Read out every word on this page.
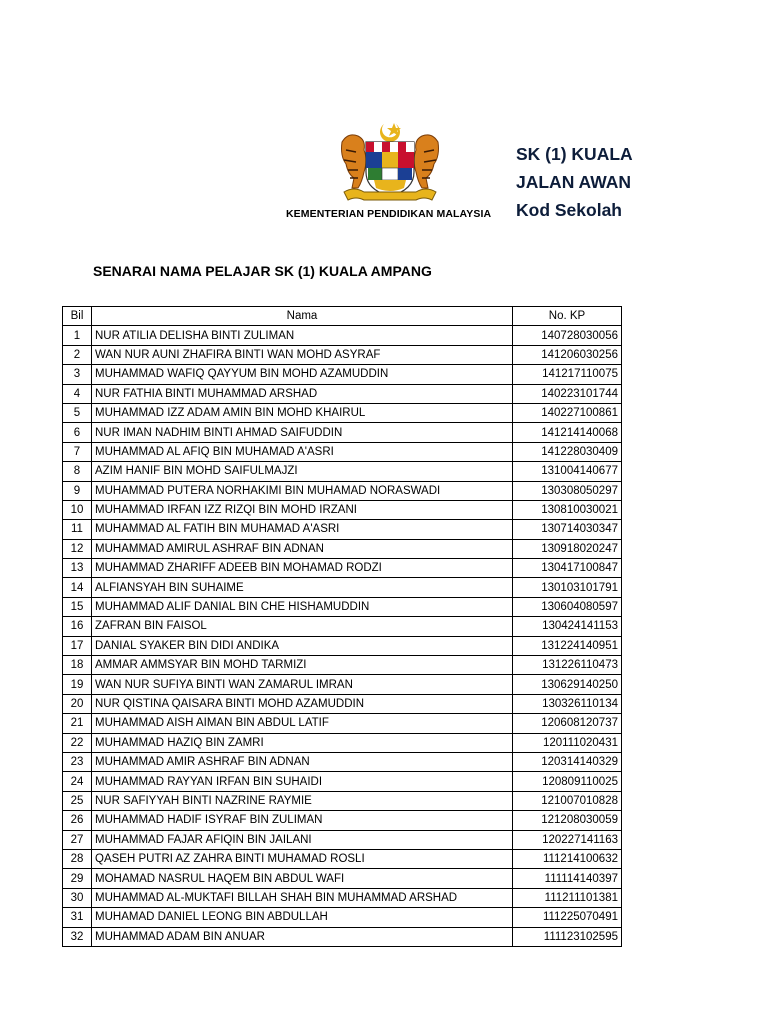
KEMENTERIAN PENDIDIKAN MALAYSIA
SK (1) KUALA
JALAN AWAN
Kod Sekolah
SENARAI NAMA PELAJAR SK (1) KUALA AMPANG
Bil	Nama	No. KP
1	NUR ATILIA DELISHA BINTI ZULIMAN	140728030056
2	WAN NUR AUNI ZHAFIRA BINTI WAN MOHD ASYRAF	141206030256
3	MUHAMMAD WAFIQ QAYYUM BIN MOHD AZAMUDDIN	141217110075
4	NUR FATHIA BINTI MUHAMMAD ARSHAD	140223101744
5	MUHAMMAD IZZ ADAM AMIN BIN MOHD KHAIRUL	140227100861
6	NUR IMAN NADHIM BINTI AHMAD SAIFUDDIN	141214140068
7	MUHAMMAD AL AFIQ BIN MUHAMAD A'ASRI	141228030409
8	AZIM HANIF BIN MOHD SAIFULMAJZI	131004140677
9	MUHAMMAD PUTERA NORHAKIMI BIN MUHAMAD NORASWADI	130308050297
10	MUHAMMAD IRFAN IZZ RIZQI BIN MOHD IRZANI	130810030021
11	MUHAMMAD AL FATIH BIN MUHAMAD A'ASRI	130714030347
12	MUHAMMAD AMIRUL ASHRAF BIN ADNAN	130918020247
13	MUHAMMAD ZHARIFF ADEEB BIN MOHAMAD RODZI	130417100847
14	ALFIANSYAH BIN SUHAIME	130103101791
15	MUHAMMAD ALIF DANIAL BIN CHE HISHAMUDDIN	130604080597
16	ZAFRAN BIN FAISOL	130424141153
17	DANIAL SYAKER BIN DIDI ANDIKA	131224140951
18	AMMAR AMMSYAR BIN MOHD TARMIZI	131226110473
19	WAN NUR SUFIYA BINTI WAN ZAMARUL IMRAN	130629140250
20	NUR QISTINA QAISARA BINTI MOHD AZAMUDDIN	130326110134
21	MUHAMMAD AISH AIMAN BIN ABDUL LATIF	120608120737
22	MUHAMMAD HAZIQ BIN ZAMRI	120111020431
23	MUHAMMAD AMIR ASHRAF BIN ADNAN	120314140329
24	MUHAMMAD RAYYAN IRFAN BIN SUHAIDI	120809110025
25	NUR SAFIYYAH BINTI NAZRINE RAYMIE	121007010828
26	MUHAMMAD HADIF ISYRAF BIN ZULIMAN	121208030059
27	MUHAMMAD FAJAR AFIQIN BIN JAILANI	120227141163
28	QASEH PUTRI AZ ZAHRA BINTI MUHAMAD ROSLI	111214100632
29	MOHAMAD NASRUL HAQEM BIN ABDUL WAFI	111114140397
30	MUHAMMAD AL-MUKTAFI BILLAH SHAH BIN MUHAMMAD ARSHAD	111211101381
31	MUHAMAD DANIEL LEONG BIN ABDULLAH	111225070491
32	MUHAMMAD ADAM BIN ANUAR	111123102595
